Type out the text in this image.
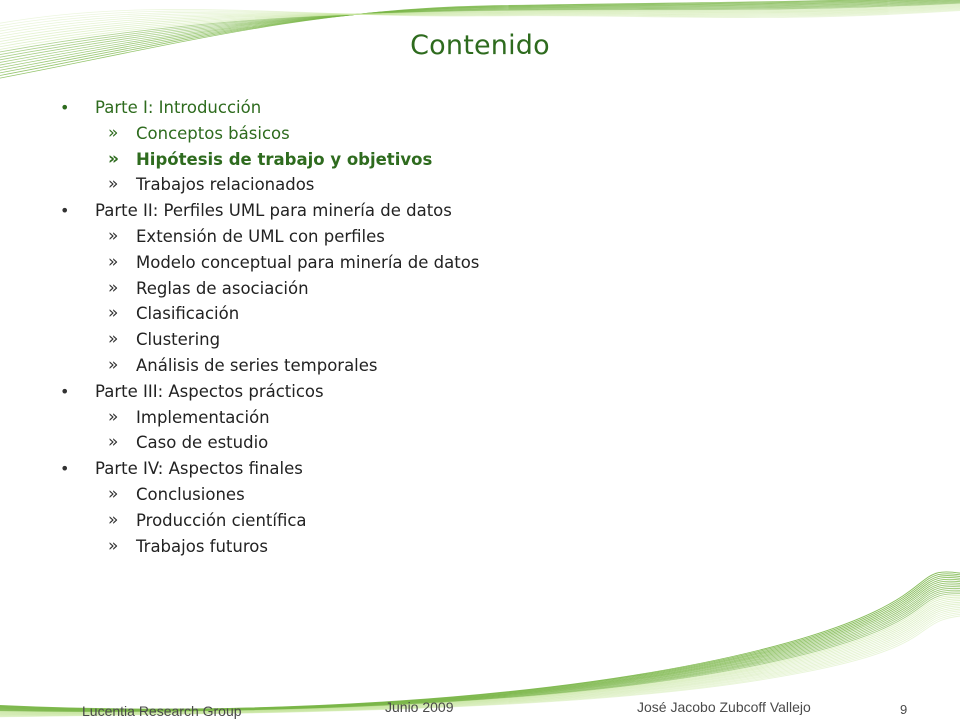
Contenido
• Parte I: Introducción
» Conceptos básicos
» Hipótesis de trabajo y objetivos
» Trabajos relacionados
• Parte II: Perfiles UML para minería de datos
» Extensión de UML con perfiles
» Modelo conceptual para minería de datos
» Reglas de asociación
» Clasificación
» Clustering
» Análisis de series temporales
• Parte III: Aspectos prácticos
» Implementación
» Caso de estudio
• Parte IV: Aspectos finales
» Conclusiones
» Producción científica
» Trabajos futuros
Lucentia Research Group	Junio 2009	José Jacobo Zubcoff Vallejo	9
